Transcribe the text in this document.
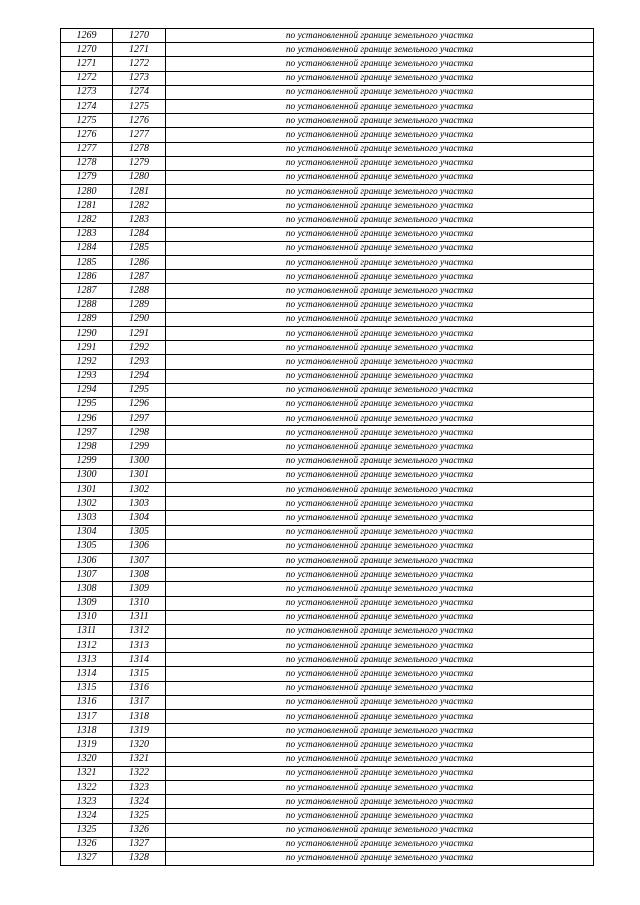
1269	1270	по установленной границе земельного участка
1270	1271	по установленной границе земельного участка
1271	1272	по установленной границе земельного участка
1272	1273	по установленной границе земельного участка
1273	1274	по установленной границе земельного участка
1274	1275	по установленной границе земельного участка
1275	1276	по установленной границе земельного участка
1276	1277	по установленной границе земельного участка
1277	1278	по установленной границе земельного участка
1278	1279	по установленной границе земельного участка
1279	1280	по установленной границе земельного участка
1280	1281	по установленной границе земельного участка
1281	1282	по установленной границе земельного участка
1282	1283	по установленной границе земельного участка
1283	1284	по установленной границе земельного участка
1284	1285	по установленной границе земельного участка
1285	1286	по установленной границе земельного участка
1286	1287	по установленной границе земельного участка
1287	1288	по установленной границе земельного участка
1288	1289	по установленной границе земельного участка
1289	1290	по установленной границе земельного участка
1290	1291	по установленной границе земельного участка
1291	1292	по установленной границе земельного участка
1292	1293	по установленной границе земельного участка
1293	1294	по установленной границе земельного участка
1294	1295	по установленной границе земельного участка
1295	1296	по установленной границе земельного участка
1296	1297	по установленной границе земельного участка
1297	1298	по установленной границе земельного участка
1298	1299	по установленной границе земельного участка
1299	1300	по установленной границе земельного участка
1300	1301	по установленной границе земельного участка
1301	1302	по установленной границе земельного участка
1302	1303	по установленной границе земельного участка
1303	1304	по установленной границе земельного участка
1304	1305	по установленной границе земельного участка
1305	1306	по установленной границе земельного участка
1306	1307	по установленной границе земельного участка
1307	1308	по установленной границе земельного участка
1308	1309	по установленной границе земельного участка
1309	1310	по установленной границе земельного участка
1310	1311	по установленной границе земельного участка
1311	1312	по установленной границе земельного участка
1312	1313	по установленной границе земельного участка
1313	1314	по установленной границе земельного участка
1314	1315	по установленной границе земельного участка
1315	1316	по установленной границе земельного участка
1316	1317	по установленной границе земельного участка
1317	1318	по установленной границе земельного участка
1318	1319	по установленной границе земельного участка
1319	1320	по установленной границе земельного участка
1320	1321	по установленной границе земельного участка
1321	1322	по установленной границе земельного участка
1322	1323	по установленной границе земельного участка
1323	1324	по установленной границе земельного участка
1324	1325	по установленной границе земельного участка
1325	1326	по установленной границе земельного участка
1326	1327	по установленной границе земельного участка
1327	1328	по установленной границе земельного участка
